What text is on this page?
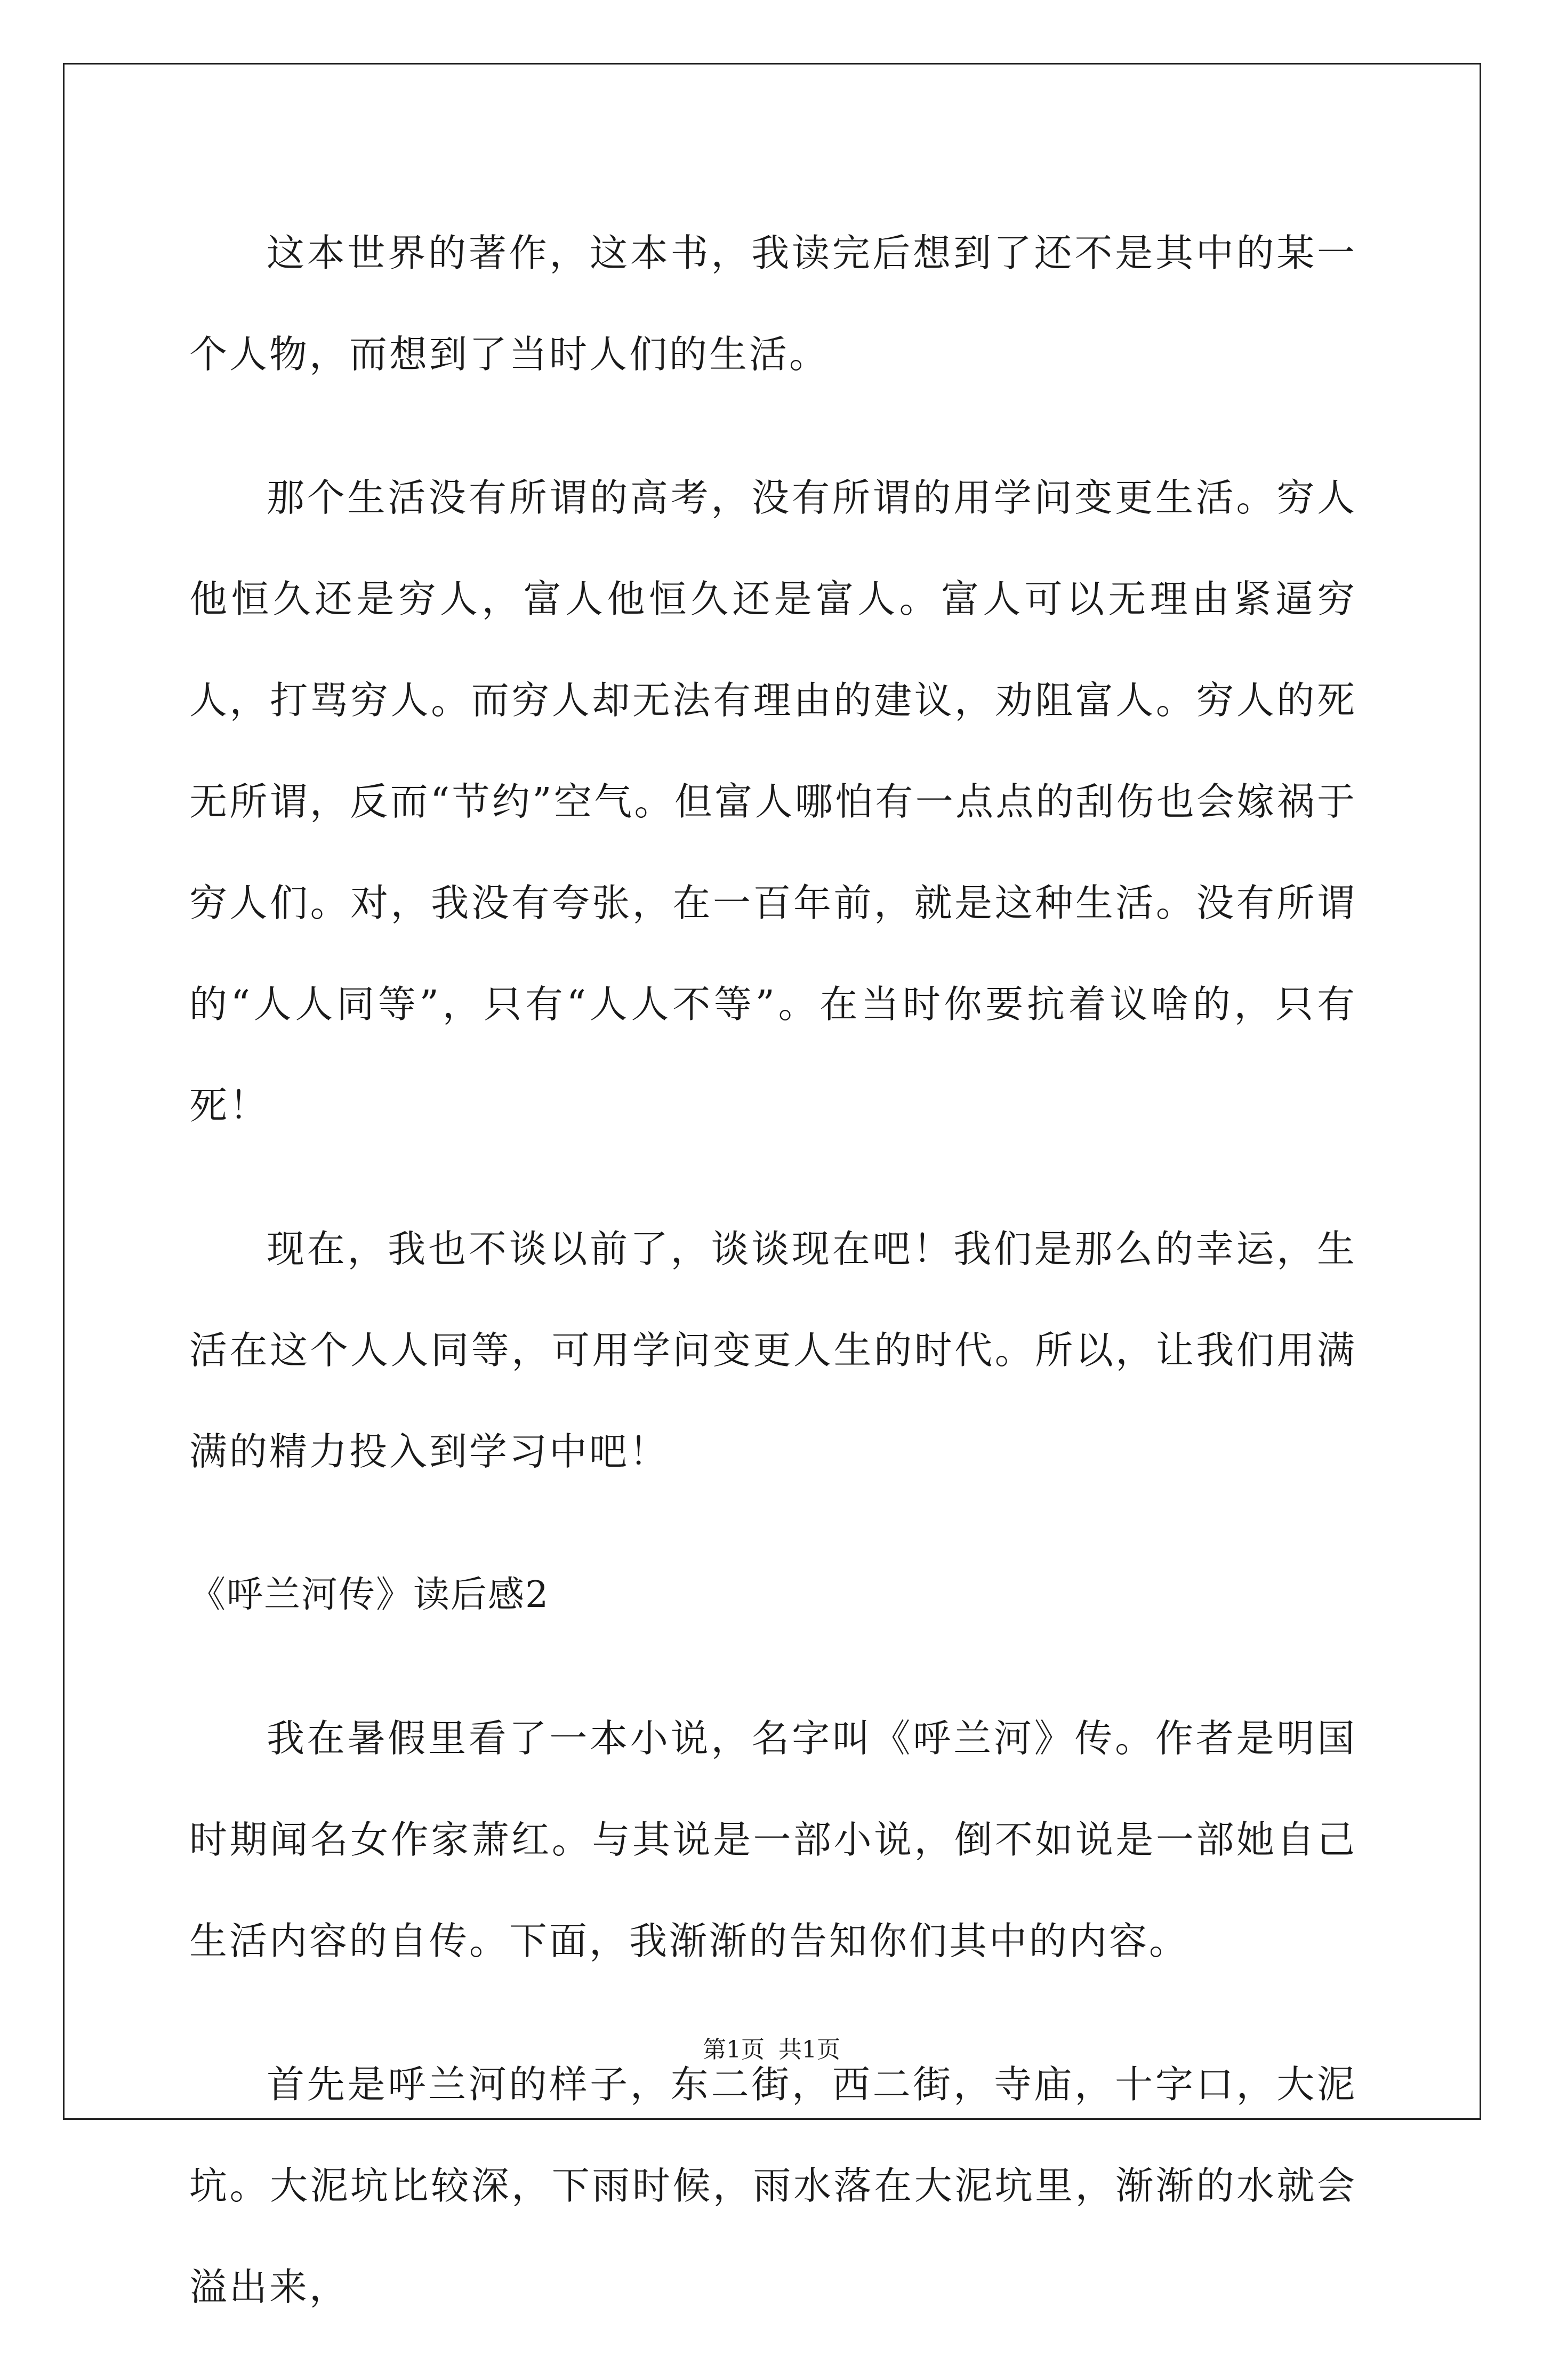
这本世界的著作，这本书，我读完后想到了还不是其中的某一个人物，而想到了当时人们的生活。

那个生活没有所谓的高考，没有所谓的用学问变更生活。穷人他恒久还是穷人，富人他恒久还是富人。富人可以无理由紧逼穷人，打骂穷人。而穷人却无法有理由的建议，劝阻富人。穷人的死无所谓，反而“节约”空气。但富人哪怕有一点点的刮伤也会嫁祸于穷人们。对，我没有夸张，在一百年前，就是这种生活。没有所谓的“人人同等”，只有“人人不等”。在当时你要抗着议啥的，只有死！

现在，我也不谈以前了，谈谈现在吧！我们是那么的幸运，生活在这个人人同等，可用学问变更人生的时代。所以，让我们用满满的精力投入到学习中吧！

《呼兰河传》读后感2

我在暑假里看了一本小说，名字叫《呼兰河》传。作者是明国时期闻名女作家萧红。与其说是一部小说，倒不如说是一部她自己生活内容的自传。下面，我渐渐的告知你们其中的内容。

首先是呼兰河的样子，东二街，西二街，寺庙，十字口，大泥坑。大泥坑比较深，下雨时候，雨水落在大泥坑里，渐渐的水就会溢出来，

第1页 共1页
